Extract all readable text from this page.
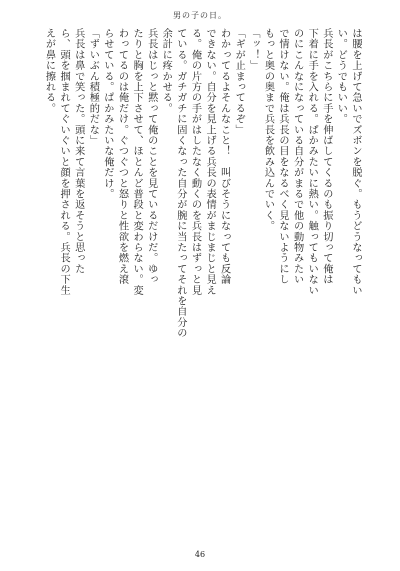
男の子の日。
は腰を上げて急いでズボンを脱ぐ。もうどうなってもい
い。どうでもいい。
兵長がこちらに手を伸ばしてくるのも振り切って俺は
下着に手を入れる。ぱかみたいに熱い。触ってもいない
のにこんなになっている自分がまるで他の動物みたい
で情けない。俺は兵長の目をなるべく見ないようにし
もっと奥の奥まで兵長を飲み込んでいく。
「ッ！」
「ギが止まってるぞ」
わかってるよそんなこと！　叫びそうになっても反論
できない。自分を見上げる兵長の表情がまじまじと見え
る。俺の片方の手がはしたなく動くのを兵長はずっと見
ている。ガチガチに固くなった自分が腕に当たってそれを自分の
余計に疼かせる。
兵長はじっと黙って俺のことを見ているだけだ。ゆっ
たりと胸を上下させて、ほとんど普段と変わらない。変
わってるのは俺だけ。ぐつぐつと怒りと性欲を燃え滾
らせている。ぱかみたいな俺だけ。
「ずいぶん積極的だな」
兵長は鼻で笑った。頭に来て言葉を返そうと思った
ら、頭を掴まれてぐいぐいと顔を押される。兵長の下生
えが鼻に擦れる。
46
